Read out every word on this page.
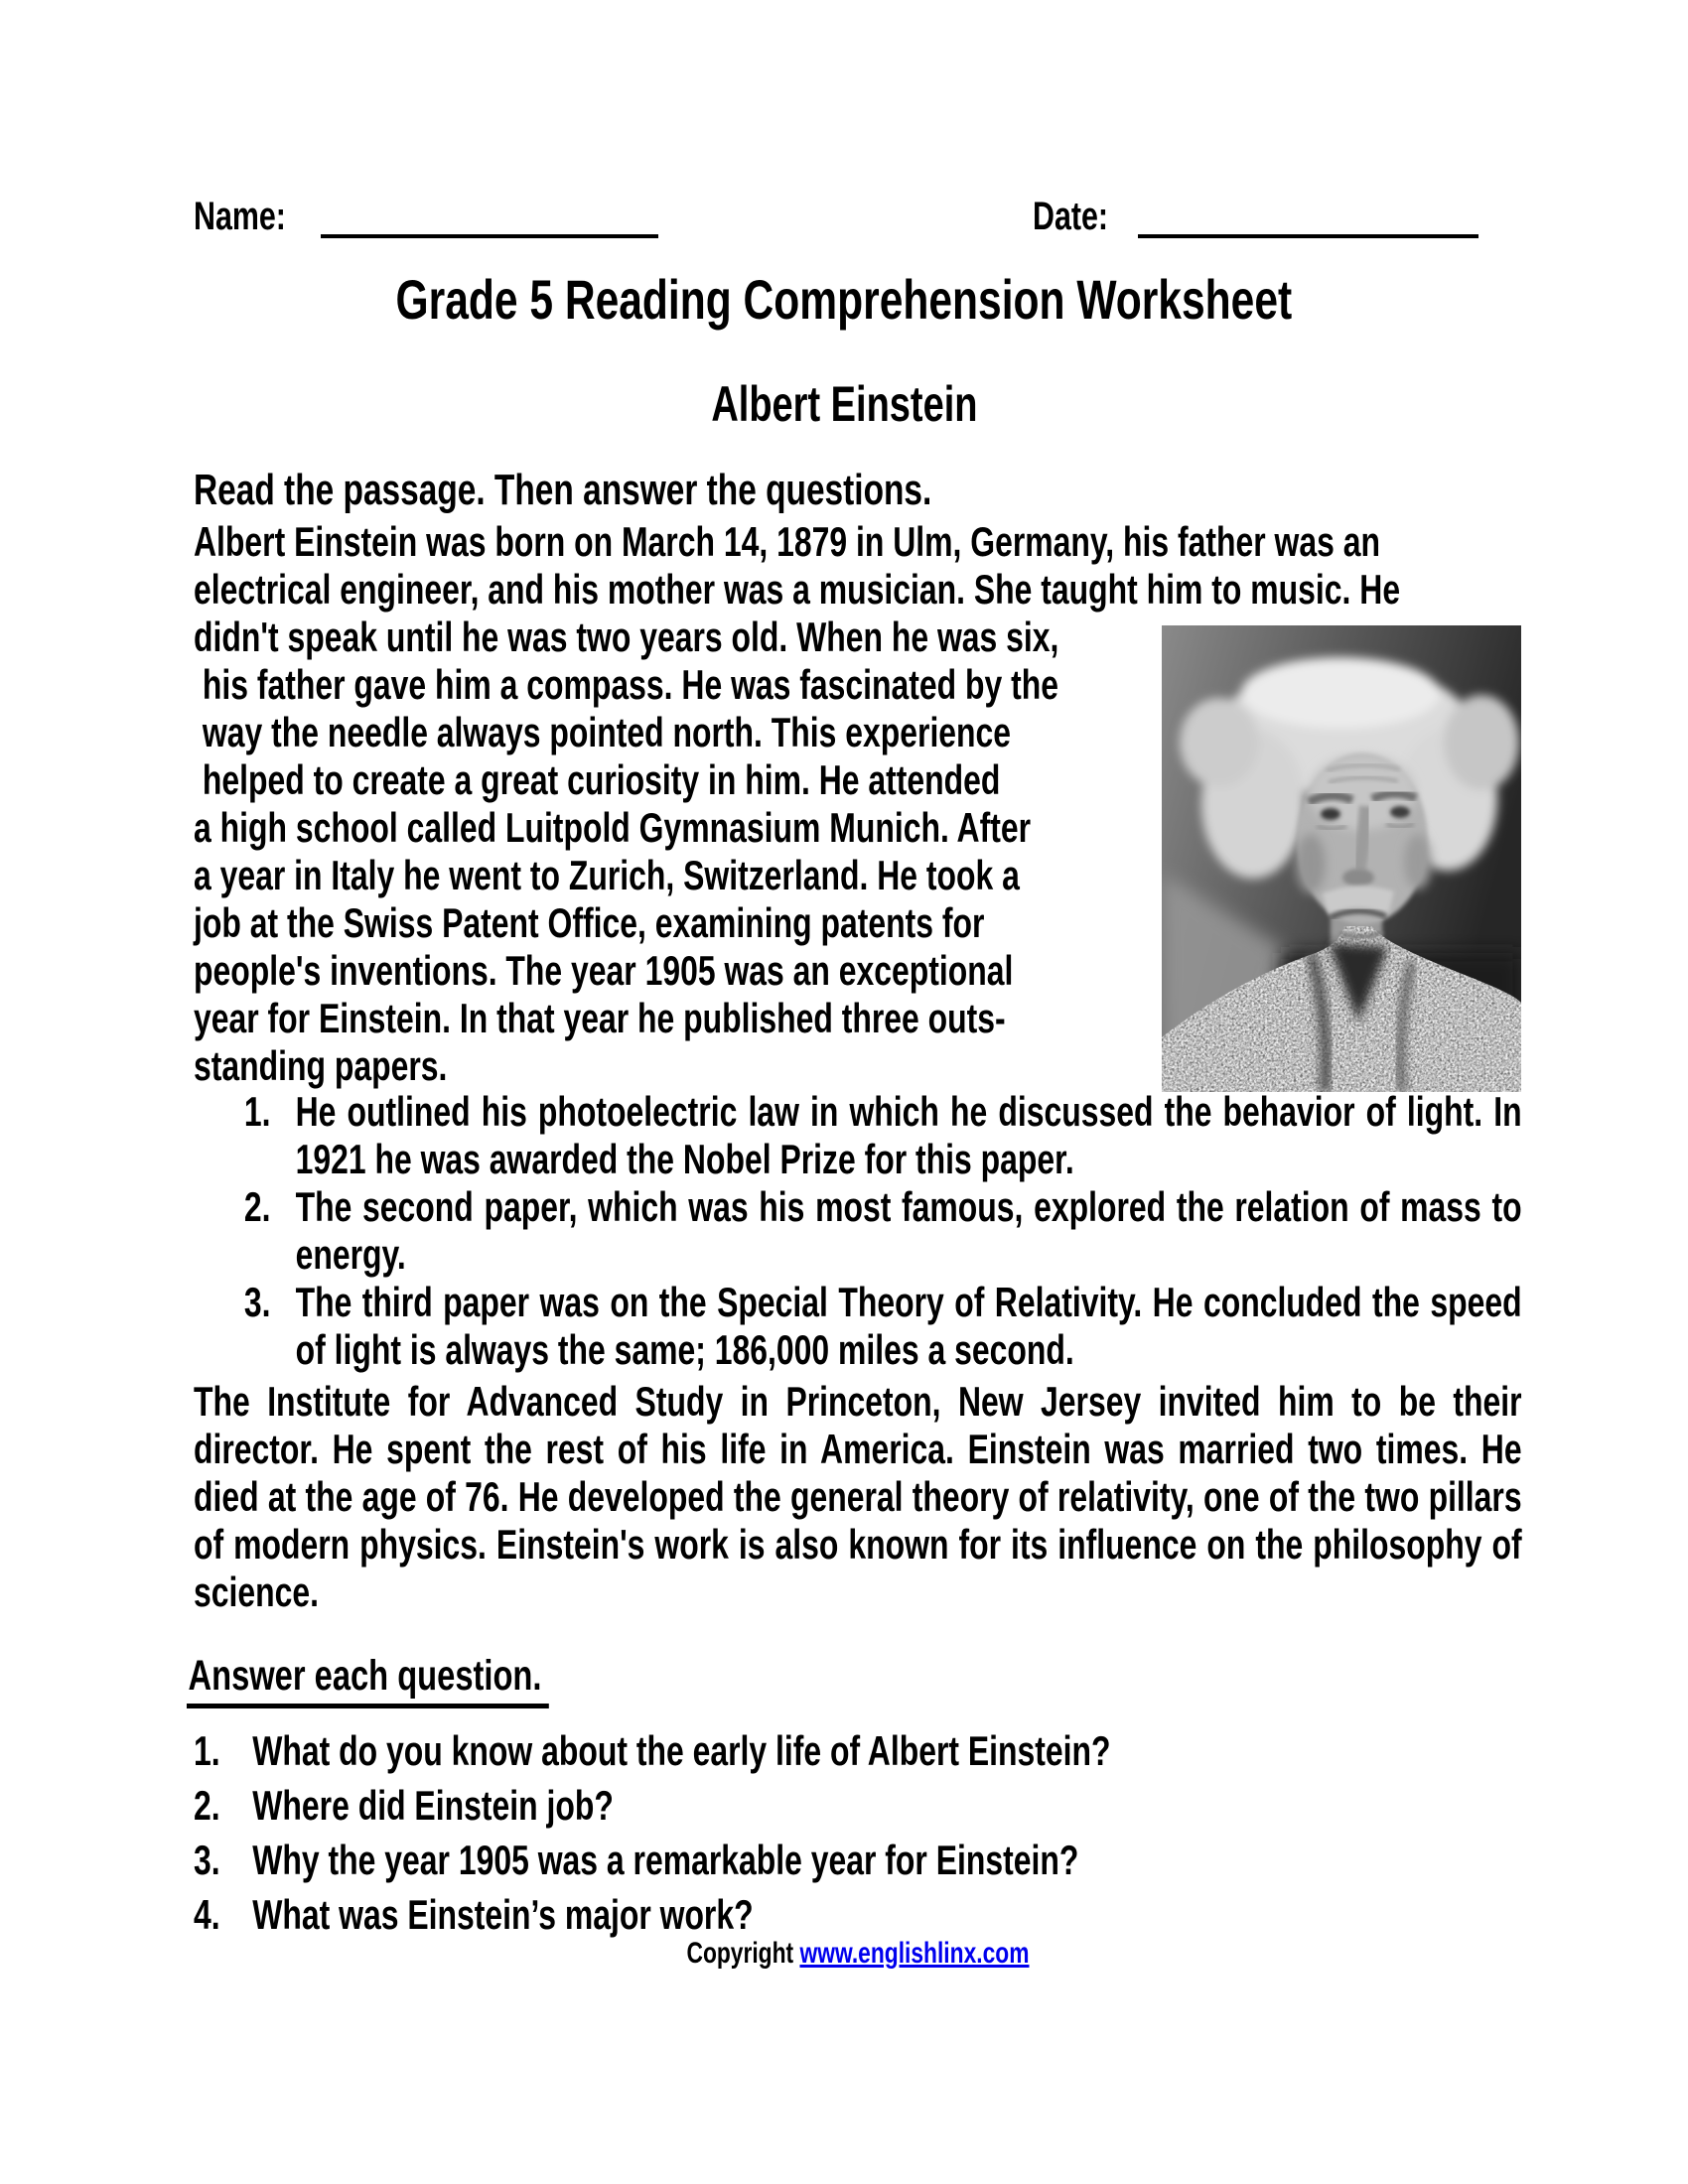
Name:	Date:
Grade 5 Reading Comprehension Worksheet
Albert Einstein
Read the passage. Then answer the questions.
Albert Einstein was born on March 14, 1879 in Ulm, Germany, his father was an
electrical engineer, and his mother was a musician. She taught him to music. He
didn't speak until he was two years old. When he was six,
his father gave him a compass. He was fascinated by the
way the needle always pointed north. This experience
helped to create a great curiosity in him. He attended
a high school called Luitpold Gymnasium Munich. After
a year in Italy he went to Zurich, Switzerland. He took a
job at the Swiss Patent Office, examining patents for
people's inventions. The year 1905 was an exceptional
year for Einstein. In that year he published three outs-
standing papers.
1. He outlined his photoelectric law in which he discussed the behavior of light. In 1921 he was awarded the Nobel Prize for this paper.
2. The second paper, which was his most famous, explored the relation of mass to energy.
3. The third paper was on the Special Theory of Relativity. He concluded the speed of light is always the same; 186,000 miles a second.
The Institute for Advanced Study in Princeton, New Jersey invited him to be their director. He spent the rest of his life in America. Einstein was married two times. He died at the age of 76. He developed the general theory of relativity, one of the two pillars of modern physics. Einstein's work is also known for its influence on the philosophy of science.
Answer each question.
1. What do you know about the early life of Albert Einstein?
2. Where did Einstein job?
3. Why the year 1905 was a remarkable year for Einstein?
4. What was Einstein’s major work?
Copyright www.englishlinx.com
